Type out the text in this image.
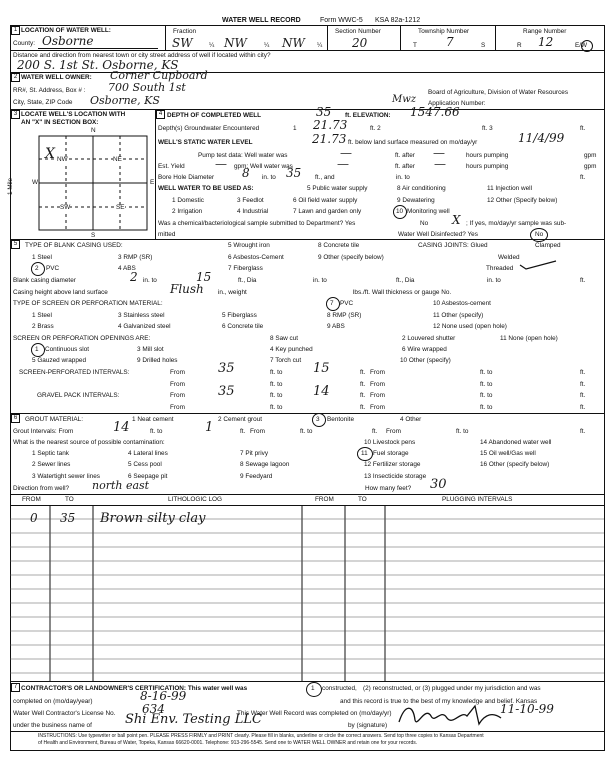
WATER WELL RECORD	Form WWC-5 KSA 82a-1212
1 LOCATION OF WATER WELL:
County: Osborne
Fraction
SW	¼ NW	¼ NW ¼
Section Number
20
Township Number
T 7	S
Range Number
R 12	E/W
Distance and direction from nearest town or city street address of well if located within city?
200 S. 1st St. Osborne, KS
2 WATER WELL OWNER: Corner Cupboard
RR#, St. Address, Box # : 700 South 1st
City, State, ZIP Code Osborne, KS
Board of Agriculture, Division of Water Resources
Mwz Application Number:
3 LOCATE WELL'S LOCATION WITH
AN "X" IN SECTION BOX:
N
S
W	E
1 Mile
NW	NE
SW	SE
X
4 DEPTH OF COMPLETED WELL	35 ft. ELEVATION: 1547.66
Depth(s) Groundwater Encountered	1 21.73	ft. 2	ft. 3	ft.
WELL'S STATIC WATER LEVEL	21.73 ft. below land surface measured on mo/day/yr	11/4/99
Pump test data: Well water was	—	ft. after —	hours pumping	gpm
Est. Yield	— gpm: Well water was	—	ft. after —	hours pumping	gpm
Bore Hole Diameter 8 in. to 35 ft., and	in. to	ft.
WELL WATER TO BE USED AS:	5 Public water supply	8 Air conditioning	11 Injection well
1 Domestic	3 Feedlot	6 Oil field water supply	9 Dewatering	12 Other (Specify below)
2 Irrigation	4 Industrial	7 Lawn and garden only	10 Monitoring well
Was a chemical/bacteriological sample submitted to Department? Yes	No X ; If yes, mo/day/yr sample was sub-
mitted	Water Well Disinfected? Yes	No
5	TYPE OF BLANK CASING USED:
1 Steel	3 RMP (SR)
2 PVC	4 ABS
5 Wrought iron
6 Asbestos-Cement
7 Fiberglass
8 Concrete tile
9 Other (specify below)
CASING JOINTS: Glued	Clamped
Welded
Threaded
Blank casing diameter	2 in. to	15	ft., Dia	in. to	ft., Dia	in. to	ft.
Casing height above land surface	Flush in., weight	lbs./ft. Wall thickness or gauge No.
TYPE OF SCREEN OR PERFORATION MATERIAL:	7 PVC	10 Asbestos-cement
1 Steel	3 Stainless steel	5 Fiberglass	8 RMP (SR)	11 Other (specify)
2 Brass	4 Galvanized steel	6 Concrete tile	9 ABS	12 None used (open hole)
SCREEN OR PERFORATION OPENINGS ARE:	8 Saw cut	2 Louvered shutter	11 None (open hole)
1 Continuous slot	3 Mill slot	4 Key punched	6 Wire wrapped
5 Gauzed wrapped	9 Drilled holes	7 Torch cut	10 Other (specify)
SCREEN-PERFORATED INTERVALS:	From	35	ft. to 15	ft. From	ft. to	ft.
From	ft. to	ft. From	ft. to	ft.
GRAVEL PACK INTERVALS:	From	35	ft. to 14	ft. From	ft. to	ft.
From	ft. to	ft. From	ft. to	ft.
6	GROUT MATERIAL:	1 Neat cement	2 Cement grout	3 Bentonite	4 Other
Grout Intervals: From	14	ft. to	1	ft. From	ft. to	ft. From	ft. to	ft.
What is the nearest source of possible contamination:	10 Livestock pens	14 Abandoned water well
1 Septic tank	4 Lateral lines	7 Pit privy	11 Fuel storage	15 Oil well/Gas well
2 Sewer lines	5 Cess pool	8 Sewage lagoon	12 Fertilizer storage	16 Other (specify below)
3 Watertight sewer lines	6 Seepage pit	9 Feedyard	13 Insecticide storage
Direction from well? north east	How many feet? 30
FROM	TO	LITHOLOGIC LOG	FROM	TO	PLUGGING INTERVALS
0 35 Brown silty clay
7 CONTRACTOR'S OR LANDOWNER'S CERTIFICATION: This water well was	1 constructed, (2) reconstructed, or (3) plugged under my jurisdiction and was
completed on (mo/day/year)	8-16-99	and this record is true to the best of my knowledge and belief. Kansas
Water Well Contractor's License No. 634	This Water Well Record was completed on (mo/day/yr)	11-10-99
under the business name of	Shi Env. Testing LLC	by (signature)
INSTRUCTIONS: Use typewriter or ball point pen. PLEASE PRESS FIRMLY and PRINT clearly. Please fill in blanks, underline or circle the correct answers. Send top three copies to Kansas Department
of Health and Environment, Bureau of Water, Topeka, Kansas 66620-0001. Telephone: 913-296-5545. Send one to WATER WELL OWNER and retain one for your records.
